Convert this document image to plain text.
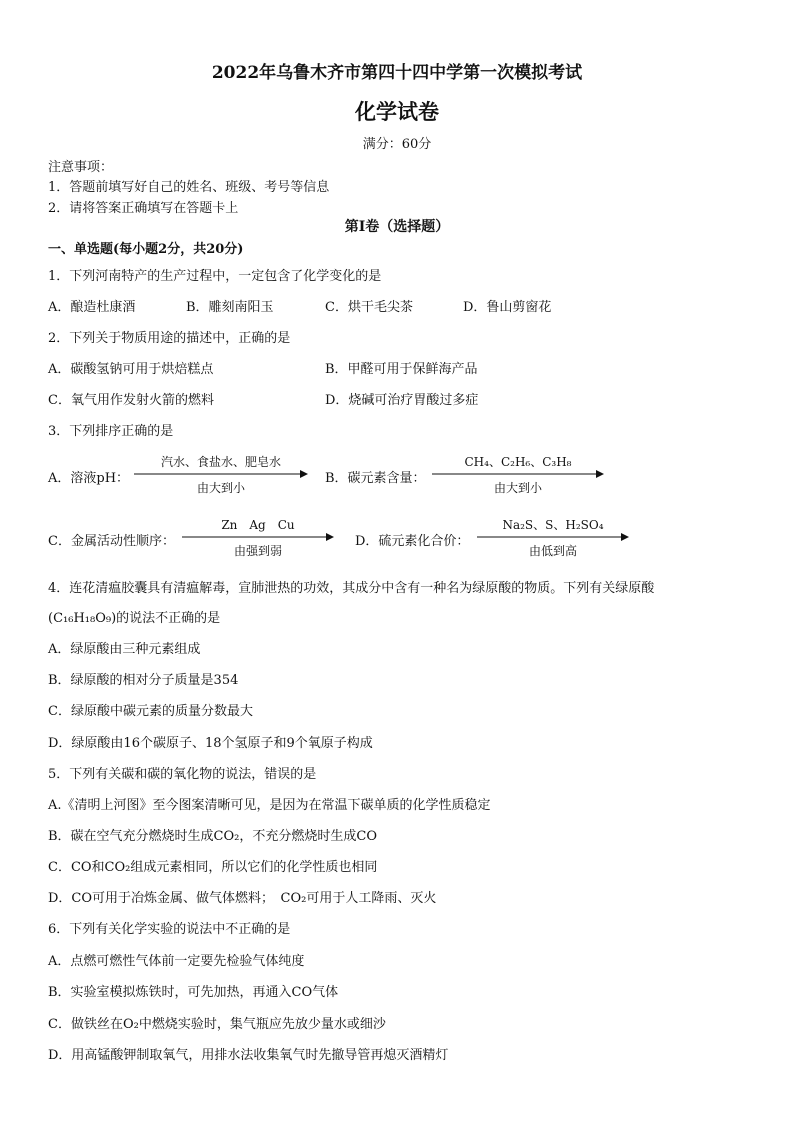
2022年乌鲁木齐市第四十四中学第一次模拟考试
化学试卷
满分：60分
注意事项：
1．答题前填写好自己的姓名、班级、考号等信息
2．请将答案正确填写在答题卡上
第I卷（选择题）
一、单选题(每小题2分，共20分)
1．下列河南特产的生产过程中，一定包含了化学变化的是
A．酿造杜康酒	B．雕刻南阳玉	C．烘干毛尖茶	D．鲁山剪窗花
2．下列关于物质用途的描述中，正确的是
A．碳酸氢钠可用于烘焙糕点	B．甲醛可用于保鲜海产品
C．氧气用作发射火箭的燃料	D．烧碱可治疗胃酸过多症
3．下列排序正确的是
A．溶液pH：
汽水、食盐水、肥皂水
由大到小
B．碳元素含量：
CH₄、C₂H₆、C₃H₈
由大到小
C．金属活动性顺序：
Zn　Ag　Cu
由强到弱
D．硫元素化合价：
Na₂S、S、H₂SO₄
由低到高
4．连花清瘟胶囊具有清瘟解毒，宣肺泄热的功效，其成分中含有一种名为绿原酸的物质。下列有关绿原酸
(C₁₆H₁₈O₉)的说法不正确的是
A．绿原酸由三种元素组成
B．绿原酸的相对分子质量是354
C．绿原酸中碳元素的质量分数最大
D．绿原酸由16个碳原子、18个氢原子和9个氧原子构成
5．下列有关碳和碳的氧化物的说法，错误的是
A.《清明上河图》至今图案清晰可见，是因为在常温下碳单质的化学性质稳定
B．碳在空气充分燃烧时生成CO₂，不充分燃烧时生成CO
C．CO和CO₂组成元素相同，所以它们的化学性质也相同
D．CO可用于冶炼金属、做气体燃料；　CO₂可用于人工降雨、灭火
6．下列有关化学实验的说法中不正确的是
A．点燃可燃性气体前一定要先检验气体纯度
B．实验室模拟炼铁时，可先加热，再通入CO气体
C．做铁丝在O₂中燃烧实验时，集气瓶应先放少量水或细沙
D．用高锰酸钾制取氧气，用排水法收集氧气时先撤导管再熄灭酒精灯
